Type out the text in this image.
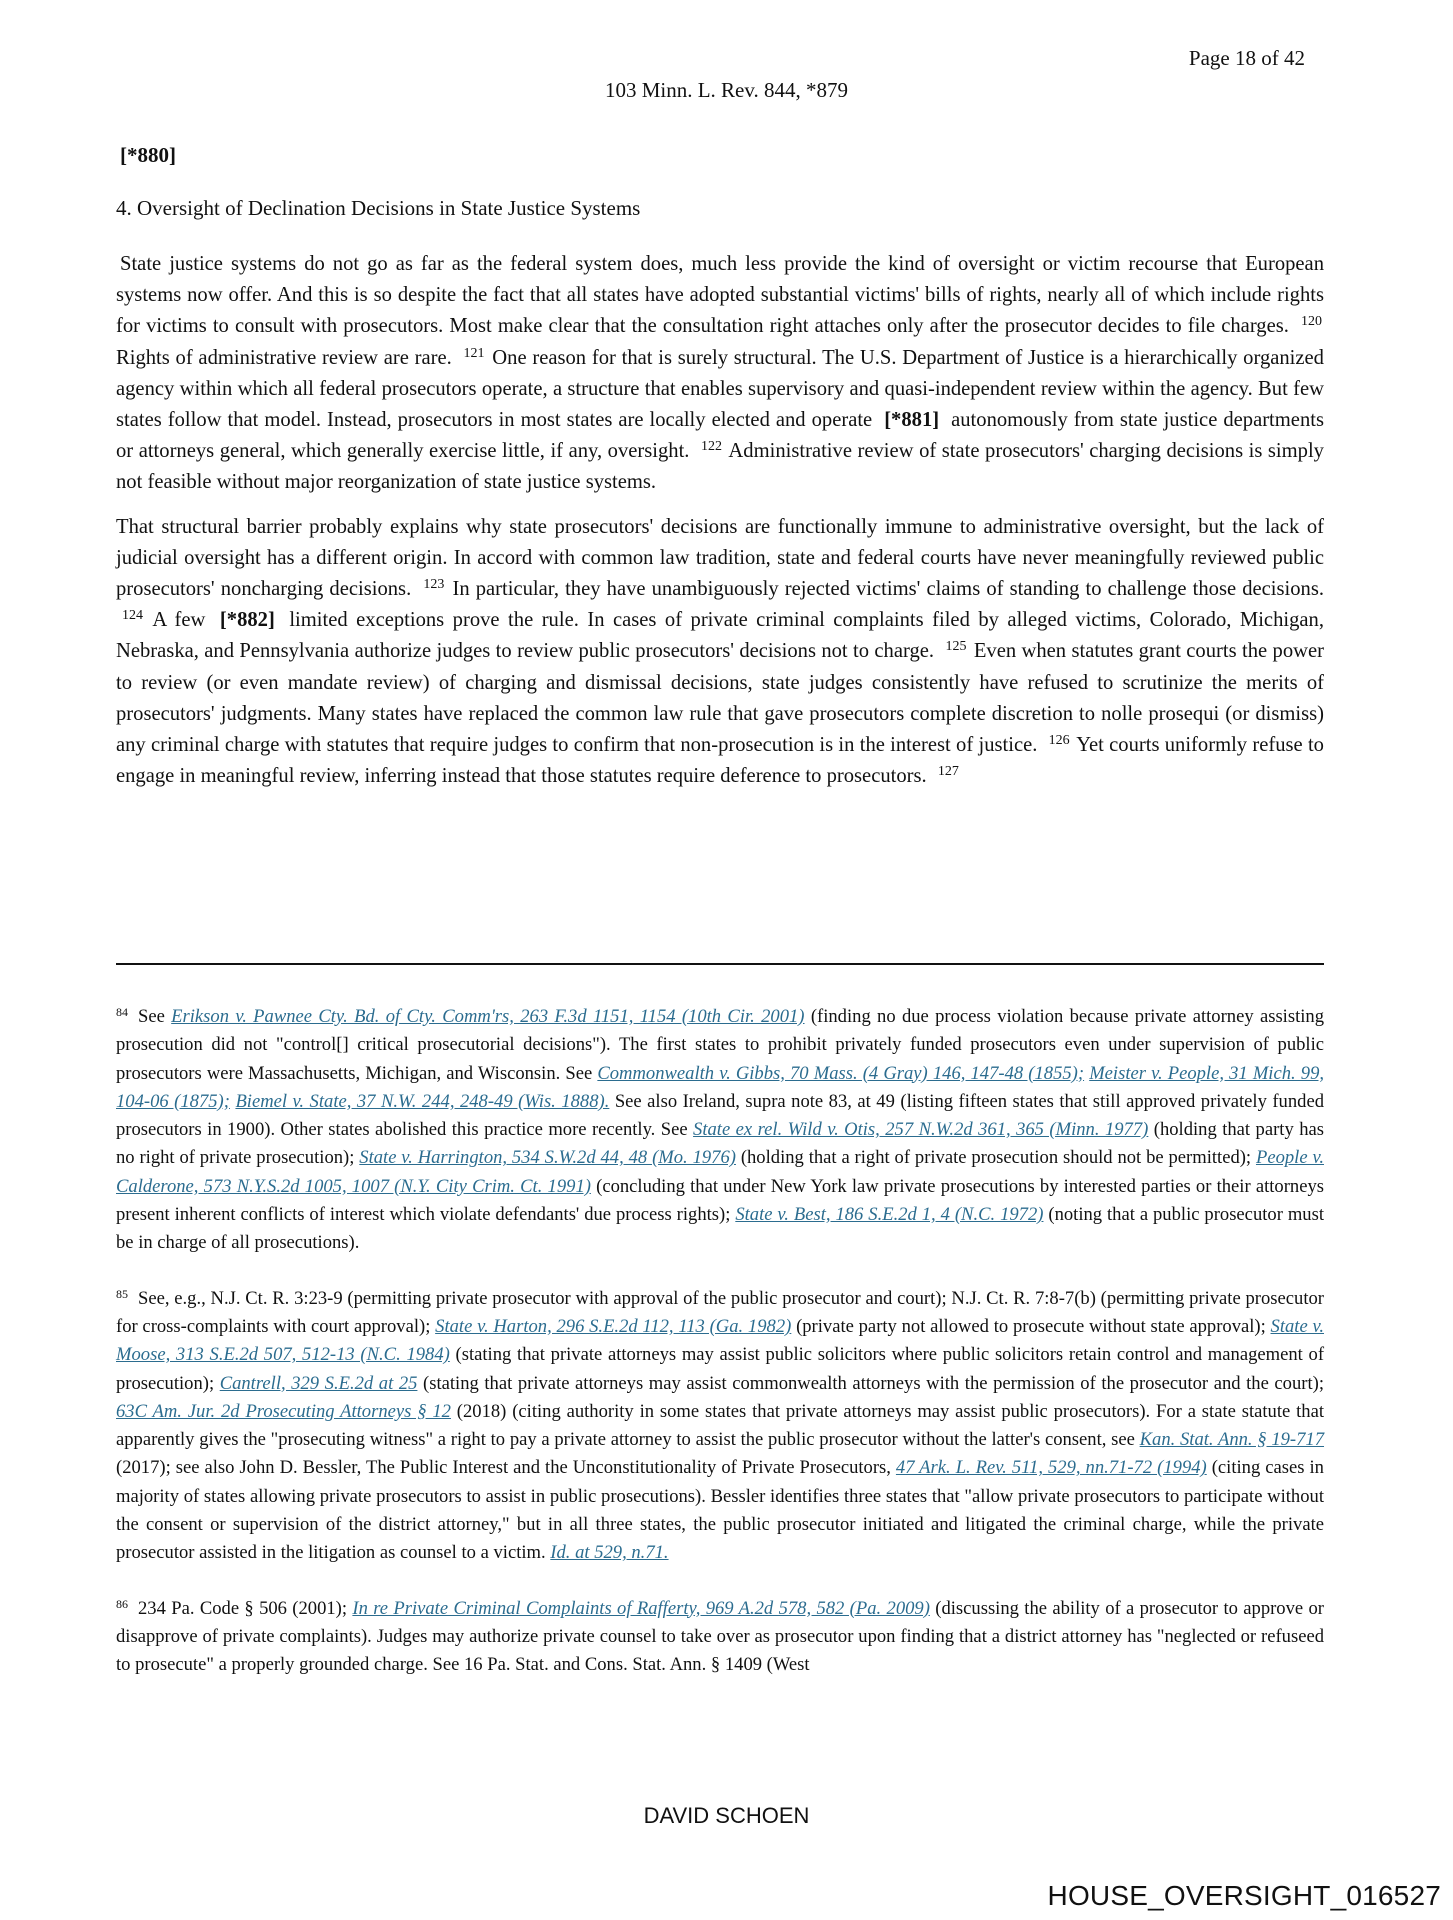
Page 18 of 42
103 Minn. L. Rev. 844, *879
[*880]
4. Oversight of Declination Decisions in State Justice Systems

State justice systems do not go as far as the federal system does, much less provide the kind of oversight or victim recourse that European systems now offer. And this is so despite the fact that all states have adopted substantial victims' bills of rights, nearly all of which include rights for victims to consult with prosecutors. Most make clear that the consultation right attaches only after the prosecutor decides to file charges. $^{120}$ Rights of administrative review are rare. $^{121}$ One reason for that is surely structural. The U.S. Department of Justice is a hierarchically organized agency within which all federal prosecutors operate, a structure that enables supervisory and quasi-independent review within the agency. But few states follow that model. Instead, prosecutors in most states are locally elected and operate [*881] autonomously from state justice departments or attorneys general, which generally exercise little, if any, oversight. $^{122}$ Administrative review of state prosecutors' charging decisions is simply not feasible without major reorganization of state justice systems.

That structural barrier probably explains why state prosecutors' decisions are functionally immune to administrative oversight, but the lack of judicial oversight has a different origin. In accord with common law tradition, state and federal courts have never meaningfully reviewed public prosecutors' noncharging decisions. $^{123}$ In particular, they have unambiguously rejected victims' claims of standing to challenge those decisions. $^{124}$ A few [*882] limited exceptions prove the rule. In cases of private criminal complaints filed by alleged victims, Colorado, Michigan, Nebraska, and Pennsylvania authorize judges to review public prosecutors' decisions not to charge. $^{125}$ Even when statutes grant courts the power to review (or even mandate review) of charging and dismissal decisions, state judges consistently have refused to scrutinize the merits of prosecutors' judgments. Many states have replaced the common law rule that gave prosecutors complete discretion to nolle prosequi (or dismiss) any criminal charge with statutes that require judges to confirm that non-prosecution is in the interest of justice. $^{126}$ Yet courts uniformly refuse to engage in meaningful review, inferring instead that those statutes require deference to prosecutors. $^{127}$

$^{84}$ See Erikson v. Pawnee Cty. Bd. of Cty. Comm'rs, 263 F.3d 1151, 1154 (10th Cir. 2001) (finding no due process violation because private attorney assisting prosecution did not "control[] critical prosecutorial decisions"). The first states to prohibit privately funded prosecutors even under supervision of public prosecutors were Massachusetts, Michigan, and Wisconsin. See Commonwealth v. Gibbs, 70 Mass. (4 Gray) 146, 147-48 (1855); Meister v. People, 31 Mich. 99, 104-06 (1875); Biemel v. State, 37 N.W. 244, 248-49 (Wis. 1888). See also Ireland, supra note 83, at 49 (listing fifteen states that still approved privately funded prosecutors in 1900). Other states abolished this practice more recently. See State ex rel. Wild v. Otis, 257 N.W.2d 361, 365 (Minn. 1977) (holding that party has no right of private prosecution); State v. Harrington, 534 S.W.2d 44, 48 (Mo. 1976) (holding that a right of private prosecution should not be permitted); People v. Calderone, 573 N.Y.S.2d 1005, 1007 (N.Y. City Crim. Ct. 1991) (concluding that under New York law private prosecutions by interested parties or their attorneys present inherent conflicts of interest which violate defendants' due process rights); State v. Best, 186 S.E.2d 1, 4 (N.C. 1972) (noting that a public prosecutor must be in charge of all prosecutions).
$^{85}$ See, e.g., N.J. Ct. R. 3:23-9 (permitting private prosecutor with approval of the public prosecutor and court); N.J. Ct. R. 7:8-7(b) (permitting private prosecutor for cross-complaints with court approval); State v. Harton, 296 S.E.2d 112, 113 (Ga. 1982) (private party not allowed to prosecute without state approval); State v. Moose, 313 S.E.2d 507, 512-13 (N.C. 1984) (stating that private attorneys may assist public solicitors where public solicitors retain control and management of prosecution); Cantrell, 329 S.E.2d at 25 (stating that private attorneys may assist commonwealth attorneys with the permission of the prosecutor and the court); 63C Am. Jur. 2d Prosecuting Attorneys § 12 (2018) (citing authority in some states that private attorneys may assist public prosecutors). For a state statute that apparently gives the "prosecuting witness" a right to pay a private attorney to assist the public prosecutor without the latter's consent, see Kan. Stat. Ann. § 19-717 (2017); see also John D. Bessler, The Public Interest and the Unconstitutionality of Private Prosecutors, 47 Ark. L. Rev. 511, 529, nn.71-72 (1994) (citing cases in majority of states allowing private prosecutors to assist in public prosecutions). Bessler identifies three states that "allow private prosecutors to participate without the consent or supervision of the district attorney," but in all three states, the public prosecutor initiated and litigated the criminal charge, while the private prosecutor assisted in the litigation as counsel to a victim. Id. at 529, n.71.
$^{86}$ 234 Pa. Code § 506 (2001); In re Private Criminal Complaints of Rafferty, 969 A.2d 578, 582 (Pa. 2009) (discussing the ability of a prosecutor to approve or disapprove of private complaints). Judges may authorize private counsel to take over as prosecutor upon finding that a district attorney has "neglected or refuseed to prosecute" a properly grounded charge. See 16 Pa. Stat. and Cons. Stat. Ann. § 1409 (West
DAVID SCHOEN
HOUSE_OVERSIGHT_016527
